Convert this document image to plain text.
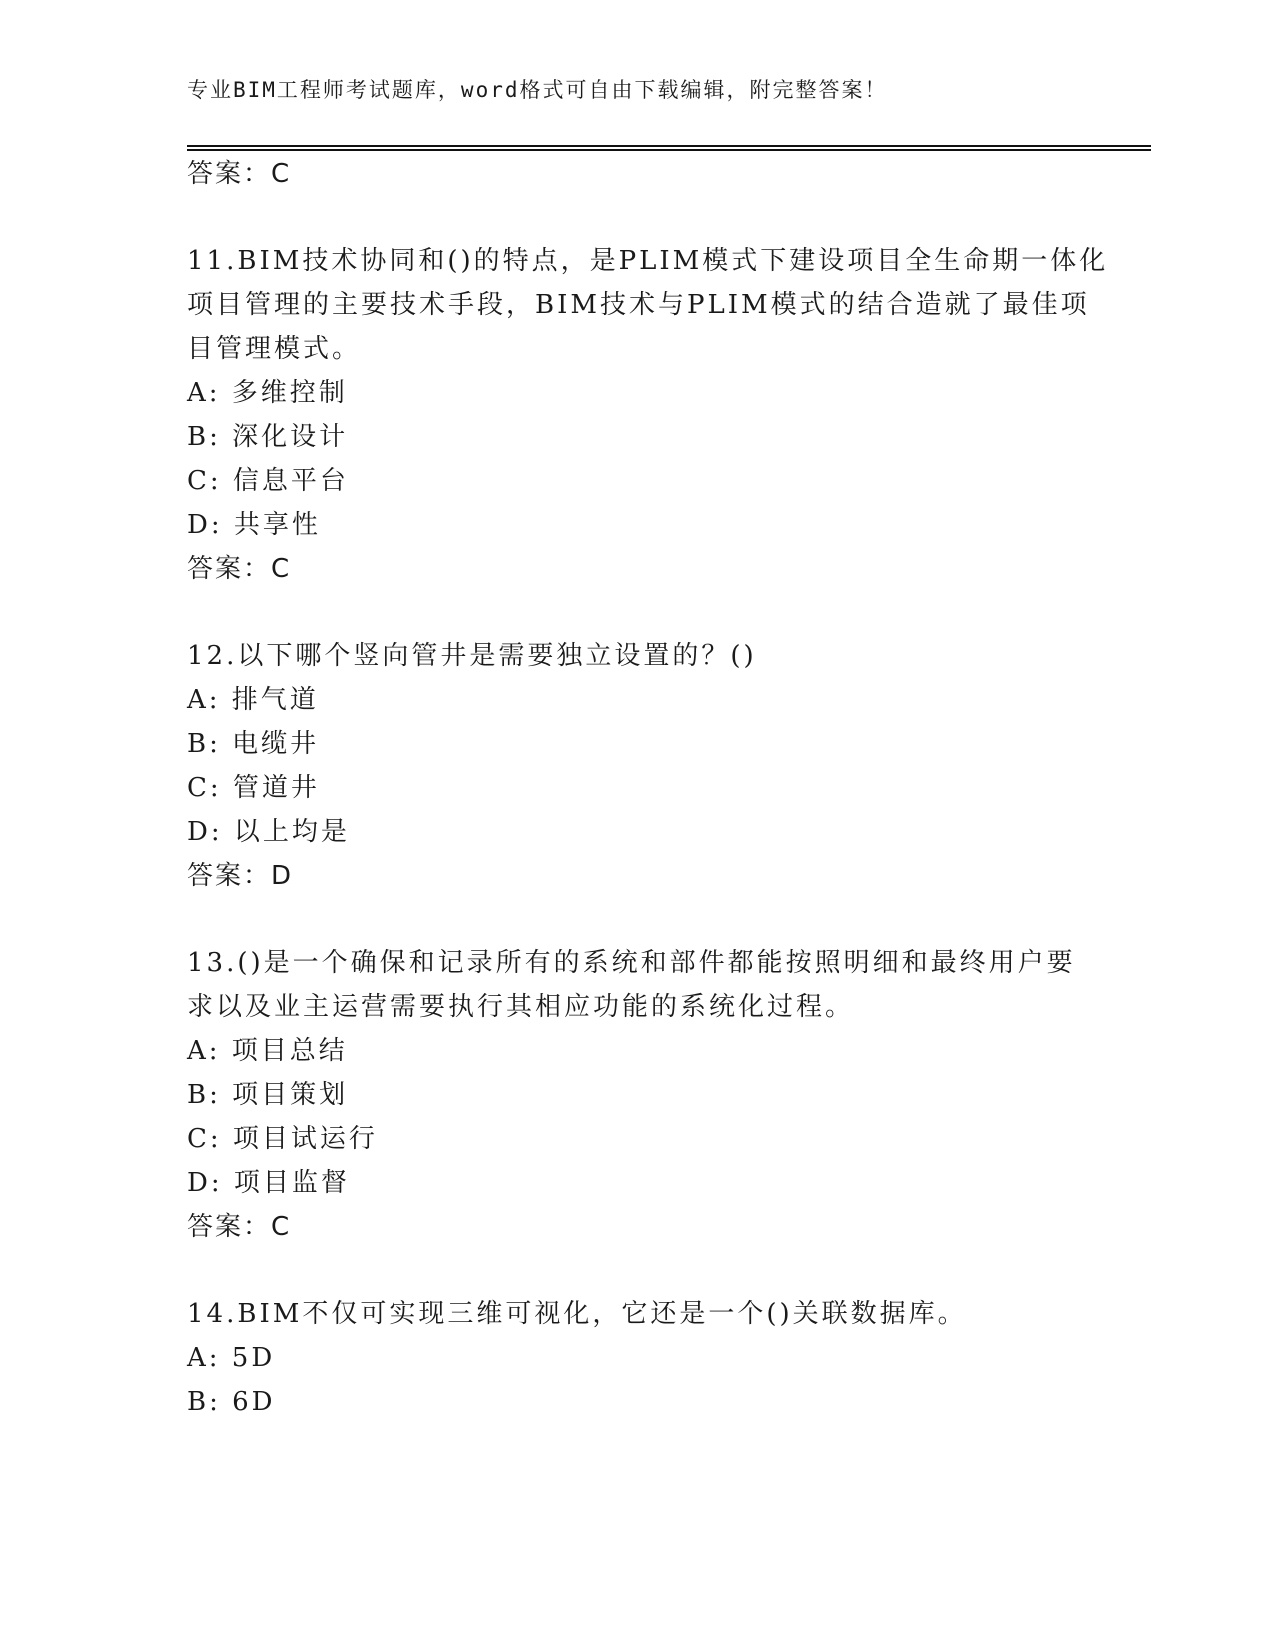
专业BIM工程师考试题库，word格式可自由下载编辑，附完整答案！
答案：C
11.BIM技术协同和()的特点，是PLIM模式下建设项目全生命期一体化
项目管理的主要技术手段，BIM技术与PLIM模式的结合造就了最佳项
目管理模式。
A: 多维控制
B: 深化设计
C: 信息平台
D: 共享性
答案：C
12.以下哪个竖向管井是需要独立设置的？()
A: 排气道
B: 电缆井
C: 管道井
D: 以上均是
答案：D
13.()是一个确保和记录所有的系统和部件都能按照明细和最终用户要
求以及业主运营需要执行其相应功能的系统化过程。
A: 项目总结
B: 项目策划
C: 项目试运行
D: 项目监督
答案：C
14.BIM不仅可实现三维可视化，它还是一个()关联数据库。
A: 5D
B: 6D
